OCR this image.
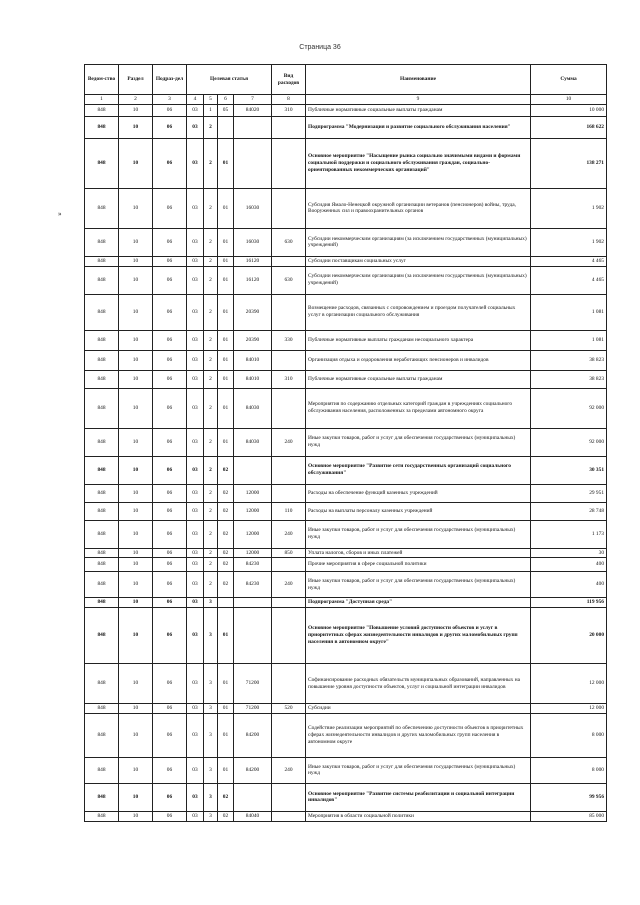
Страница 36
»
Ведом-ство	Раздел	Подраз-дел	Целевая статья				Вид расходов	Наименование	Сумма
1	2	3	4	5	6	7	8	9	10
848	10	06	03	1	05	84020	310	Публичные нормативные социальные выплаты гражданам	10 000
848	10	06	03	2				Подпрограмма "Модернизация и развитие социального обслуживания населения"	168 622
848	10	06	03	2	01			Основное мероприятие "Насыщение рынка социально значимыми видами и формами социальной поддержки и социального обслуживания граждан, социально-ориентированных некоммерческих организаций"	138 271
848	10	06	03	2	01	16030		Субсидия Ямало-Ненецкой окружной организации ветеранов (пенсионеров) войны, труда, Вооруженных сил и правоохранительных органов	1 902
848	10	06	03	2	01	16030	630	Субсидии некоммерческим организациям (за исключением государственных (муниципальных) учреждений)	1 902
848	10	06	03	2	01	16120		Субсидии поставщикам социальных услуг	4 465
848	10	06	03	2	01	16120	630	Субсидии некоммерческим организациям (за исключением государственных (муниципальных) учреждений)	4 465
848	10	06	03	2	01	20390		Возмещение расходов, связанных с сопровождением и проездом получателей социальных услуг в организации социального обслуживания	1 081
848	10	06	03	2	01	20390	330	Публичные нормативные выплаты гражданам несоциального характера	1 081
848	10	06	03	2	01	84010		Организация отдыха и оздоровления неработающих пенсионеров и инвалидов	38 823
848	10	06	03	2	01	84010	310	Публичные нормативные социальные выплаты гражданам	38 823
848	10	06	03	2	01	84030		Мероприятия по содержанию отдельных категорий граждан в учреждениях социального обслуживания населения, расположенных за пределами автономного округа	92 000
848	10	06	03	2	01	84030	240	Иные закупки товаров, работ и услуг для обеспечения государственных (муниципальных) нужд	92 000
848	10	06	03	2	02			Основное мероприятие "Развитие сети государственных организаций социального обслуживания"	30 351
848	10	06	03	2	02	12000		Расходы на обеспечение функций казенных учреждений	29 951
848	10	06	03	2	02	12000	110	Расходы на выплаты персоналу казенных учреждений	28 748
848	10	06	03	2	02	12000	240	Иные закупки товаров, работ и услуг для обеспечения государственных (муниципальных) нужд	1 173
848	10	06	03	2	02	12000	850	Уплата налогов, сборов и иных платежей	30
848	10	06	03	2	02	84230		Прочие мероприятия в сфере социальной политики	400
848	10	06	03	2	02	84230	240	Иные закупки товаров, работ и услуг для обеспечения государственных (муниципальных) нужд	400
848	10	06	03	3				Подпрограмма "Доступная среда"	119 956
848	10	06	03	3	01			Основное мероприятие "Повышение условий доступности объектов и услуг в приоритетных сферах жизнедеятельности инвалидов и других маломобильных групп населения в автономном округе"	20 000
848	10	06	03	3	01	71200		Софинансирование расходных обязательств муниципальных образований, направленных на повышение уровня доступности объектов, услуг и социальной интеграции инвалидов	12 000
848	10	06	03	3	01	71200	520	Субсидии	12 000
848	10	06	03	3	01	84200		Содействие реализации мероприятий по обеспечению доступности объектов в приоритетных сферах жизнедеятельности инвалидов и других маломобильных групп населения в автономном округе	8 000
848	10	06	03	3	01	84200	240	Иные закупки товаров, работ и услуг для обеспечения государственных (муниципальных) нужд	8 000
848	10	06	03	3	02			Основное мероприятие "Развитие системы реабилитации и социальной интеграции инвалидов"	99 956
848	10	06	03	3	02	84040		Мероприятия в области социальной политики	85 000
